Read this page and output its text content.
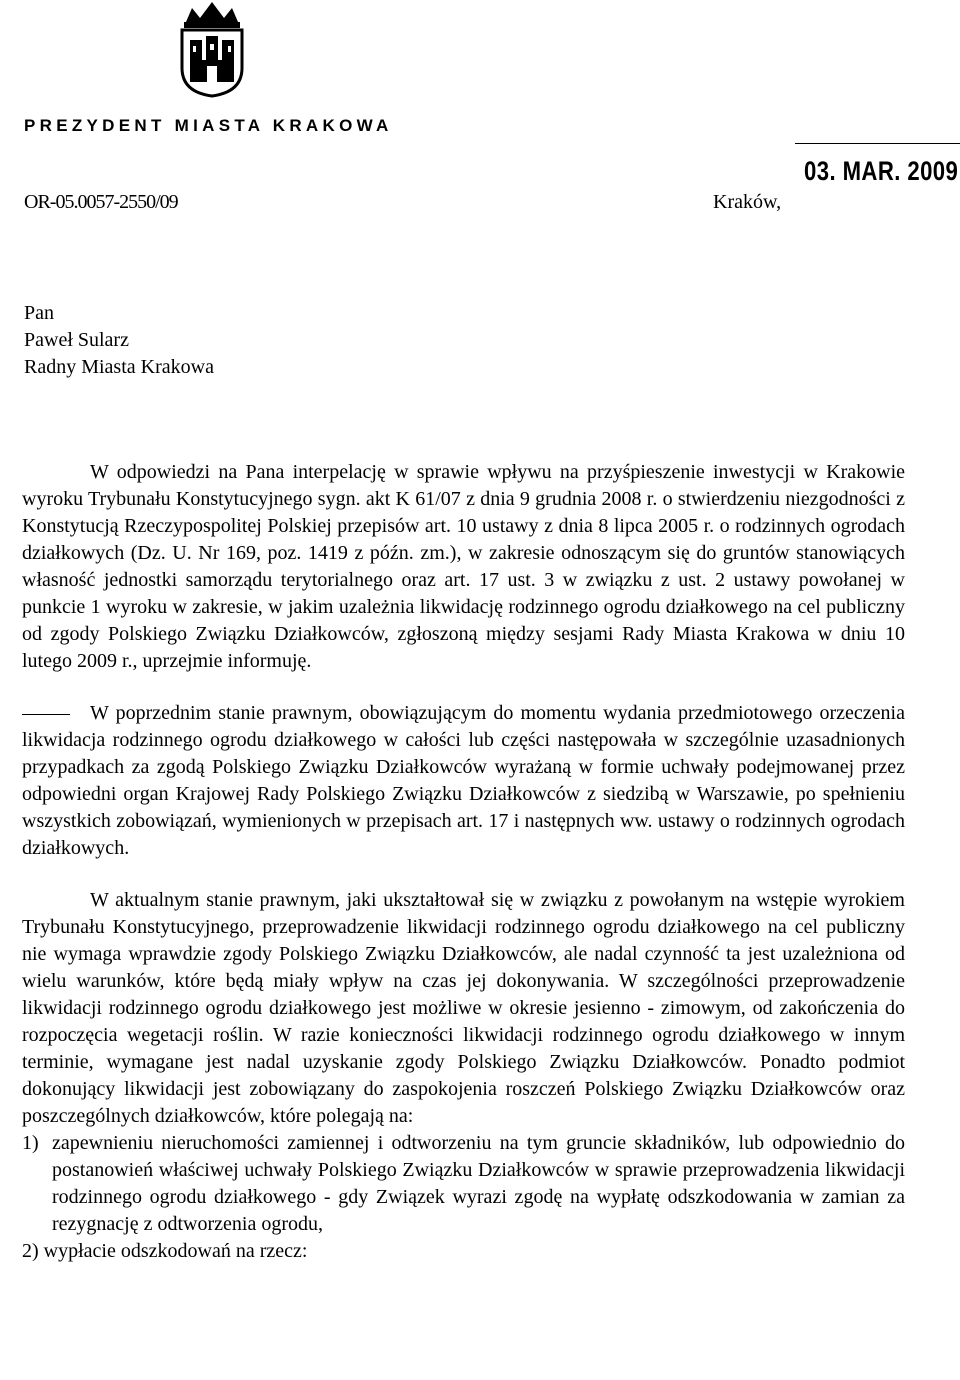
PREZYDENT MIASTA KRAKOWA
OR-05.0057-2550/09	Kraków,
03. MAR. 2009
Pan
Paweł Sularz
Radny Miasta Krakowa

W odpowiedzi na Pana interpelację w sprawie wpływu na przyśpieszenie inwestycji w Krakowie wyroku Trybunału Konstytucyjnego sygn. akt K 61/07 z dnia 9 grudnia 2008 r. o stwierdzeniu niezgodności z Konstytucją Rzeczypospolitej Polskiej przepisów art. 10 ustawy z dnia 8 lipca 2005 r. o rodzinnych ogrodach działkowych (Dz. U. Nr 169, poz. 1419 z późn. zm.), w zakresie odnoszącym się do gruntów stanowiących własność jednostki samorządu terytorialnego oraz art. 17 ust. 3 w związku z ust. 2 ustawy powołanej w punkcie 1 wyroku w zakresie, w jakim uzależnia likwidację rodzinnego ogrodu działkowego na cel publiczny od zgody Polskiego Związku Działkowców, zgłoszoną między sesjami Rady Miasta Krakowa w dniu 10 lutego 2009 r., uprzejmie informuję.

W poprzednim stanie prawnym, obowiązującym do momentu wydania przedmiotowego orzeczenia likwidacja rodzinnego ogrodu działkowego w całości lub części następowała w szczególnie uzasadnionych przypadkach za zgodą Polskiego Związku Działkowców wyrażaną w formie uchwały podejmowanej przez odpowiedni organ Krajowej Rady Polskiego Związku Działkowców z siedzibą w Warszawie, po spełnieniu wszystkich zobowiązań, wymienionych w przepisach art. 17 i następnych ww. ustawy o rodzinnych ogrodach działkowych.

W aktualnym stanie prawnym, jaki ukształtował się w związku z powołanym na wstępie wyrokiem Trybunału Konstytucyjnego, przeprowadzenie likwidacji rodzinnego ogrodu działkowego na cel publiczny nie wymaga wprawdzie zgody Polskiego Związku Działkowców, ale nadal czynność ta jest uzależniona od wielu warunków, które będą miały wpływ na czas jej dokonywania. W szczególności przeprowadzenie likwidacji rodzinnego ogrodu działkowego jest możliwe w okresie jesienno - zimowym, od zakończenia do rozpoczęcia wegetacji roślin. W razie konieczności likwidacji rodzinnego ogrodu działkowego w innym terminie, wymagane jest nadal uzyskanie zgody Polskiego Związku Działkowców. Ponadto podmiot dokonujący likwidacji jest zobowiązany do zaspokojenia roszczeń Polskiego Związku Działkowców oraz poszczególnych działkowców, które polegają na:

1) zapewnieniu nieruchomości zamiennej i odtworzeniu na tym gruncie składników, lub odpowiednio do postanowień właściwej uchwały Polskiego Związku Działkowców w sprawie przeprowadzenia likwidacji rodzinnego ogrodu działkowego - gdy Związek wyrazi zgodę na wypłatę odszkodowania w zamian za rezygnację z odtworzenia ogrodu,
2) wypłacie odszkodowań na rzecz:
